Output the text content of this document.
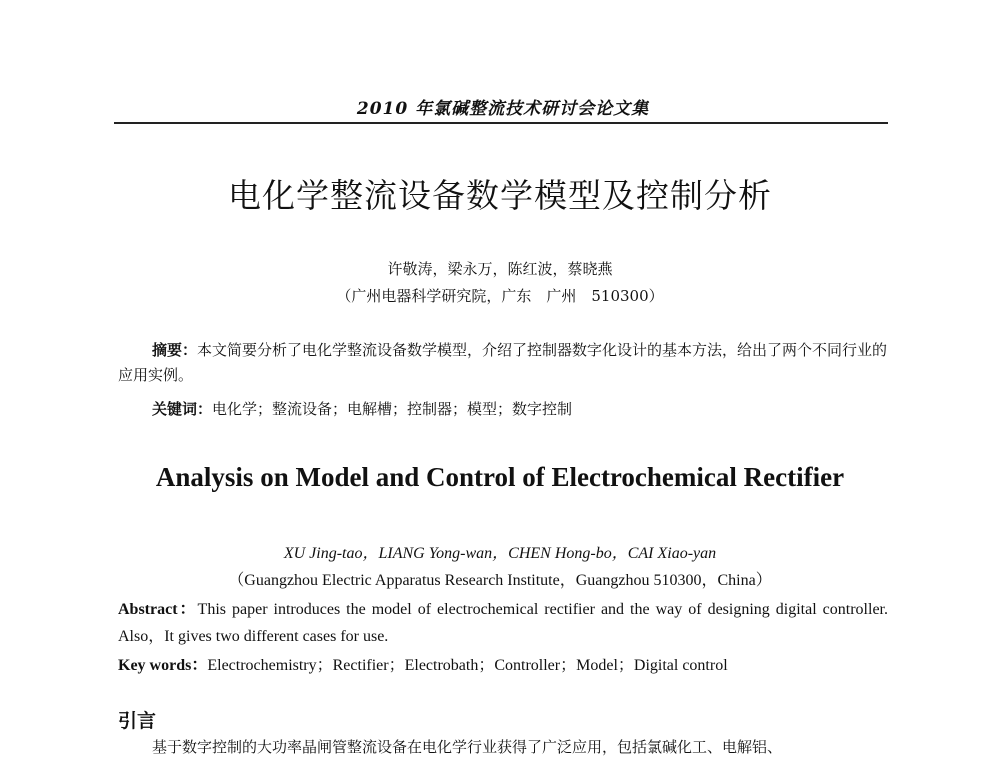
2010 年氯碱整流技术研讨会论文集
电化学整流设备数学模型及控制分析
许敬涛，梁永万，陈红波，蔡晓燕
（广州电器科学研究院，广东　广州　510300）
摘要：本文简要分析了电化学整流设备数学模型，介绍了控制器数字化设计的基本方法，给出了两个不同行业的应用实例。
关键词：电化学；整流设备；电解槽；控制器；模型；数字控制
Analysis on Model and Control of Electrochemical Rectifier
XU Jing-tao，LIANG Yong-wan，CHEN Hong-bo，CAI Xiao-yan
（Guangzhou Electric Apparatus Research Institute，Guangzhou 510300，China）
Abstract：This paper introduces the model of electrochemical rectifier and the way of designing digital controller. Also，It gives two different cases for use.
Key words：Electrochemistry；Rectifier；Electrobath；Controller；Model；Digital control
引言
基于数字控制的大功率晶闸管整流设备在电化学行业获得了广泛应用，包括氯碱化工、电解铝、
